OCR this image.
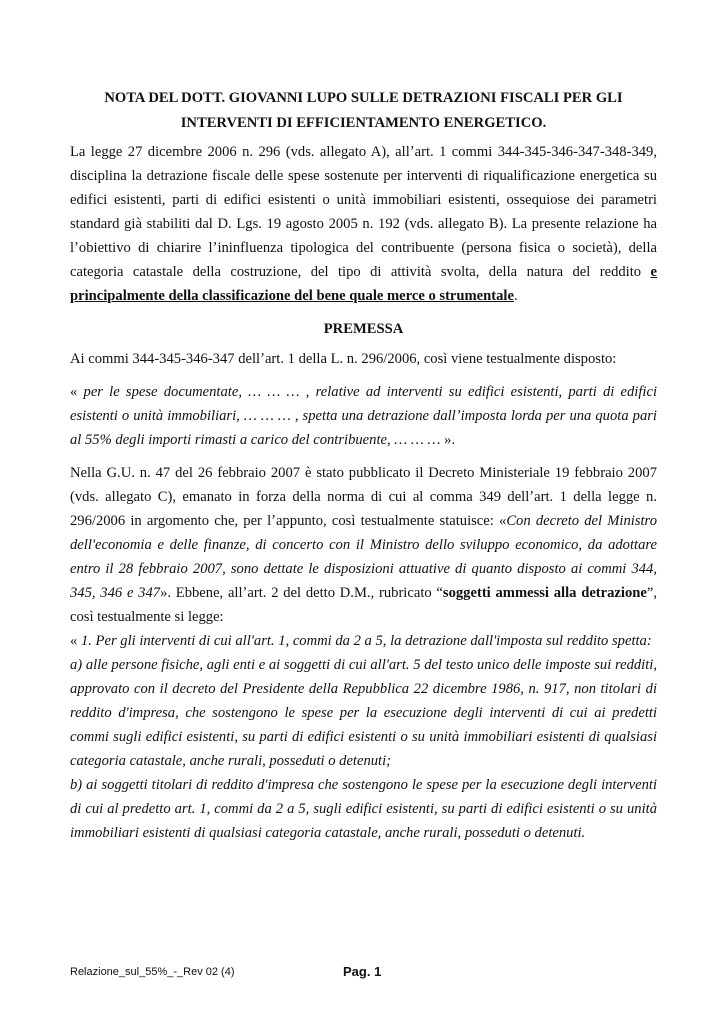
NOTA DEL DOTT. GIOVANNI LUPO SULLE DETRAZIONI FISCALI PER GLI
INTERVENTI DI EFFICIENTAMENTO ENERGETICO.

La legge 27 dicembre 2006 n. 296 (vds. allegato A), allʼart. 1 commi 344-345-346-347-348-349, disciplina la detrazione fiscale delle spese sostenute per interventi di riqualificazione energetica su edifici esistenti, parti di edifici esistenti o unità immobiliari esistenti, ossequiose dei parametri standard già stabiliti dal D. Lgs. 19 agosto 2005 n. 192 (vds. allegato B). La presente relazione ha lʼobiettivo di chiarire lʼininfluenza tipologica del contribuente (persona fisica o società), della categoria catastale della costruzione, del tipo di attività svolta, della natura del reddito e principalmente della classificazione del bene quale merce o strumentale.

PREMESSA

Ai commi 344-345-346-347 dellʼart. 1 della L. n. 296/2006, così viene testualmente disposto:

« per le spese documentate, … … … , relative ad interventi su edifici esistenti, parti di edifici esistenti o unità immobiliari, … … … , spetta una detrazione dallʼimposta lorda per una quota pari al 55% degli importi rimasti a carico del contribuente, … … … ».

Nella G.U. n. 47 del 26 febbraio 2007 è stato pubblicato il Decreto Ministeriale 19 febbraio 2007 (vds. allegato C), emanato in forza della norma di cui al comma 349 dellʼart. 1 della legge n. 296/2006 in argomento che, per lʼappunto, così testualmente statuisce: «Con decreto del Ministro dell'economia e delle finanze, di concerto con il Ministro dello sviluppo economico, da adottare entro il 28 febbraio 2007, sono dettate le disposizioni attuative di quanto disposto ai commi 344, 345, 346 e 347». Ebbene, allʼart. 2 del detto D.M., rubricato “soggetti ammessi alla detrazione”, così testualmente si legge:

« 1. Per gli interventi di cui all'art. 1, commi da 2 a 5, la detrazione dall'imposta sul reddito spetta:
a) alle persone fisiche, agli enti e ai soggetti di cui all'art. 5 del testo unico delle imposte sui redditi, approvato con il decreto del Presidente della Repubblica 22 dicembre 1986, n. 917, non titolari di reddito d'impresa, che sostengono le spese per la esecuzione degli interventi di cui ai predetti commi sugli edifici esistenti, su parti di edifici esistenti o su unità immobiliari esistenti di qualsiasi categoria catastale, anche rurali, posseduti o detenuti;
b) ai soggetti titolari di reddito d'impresa che sostengono le spese per la esecuzione degli interventi di cui al predetto art. 1, commi da 2 a 5, sugli edifici esistenti, su parti di edifici esistenti o su unità immobiliari esistenti di qualsiasi categoria catastale, anche rurali, posseduti o detenuti.
Relazione_sul_55%_-_Rev 02 (4)	Pag. 1
